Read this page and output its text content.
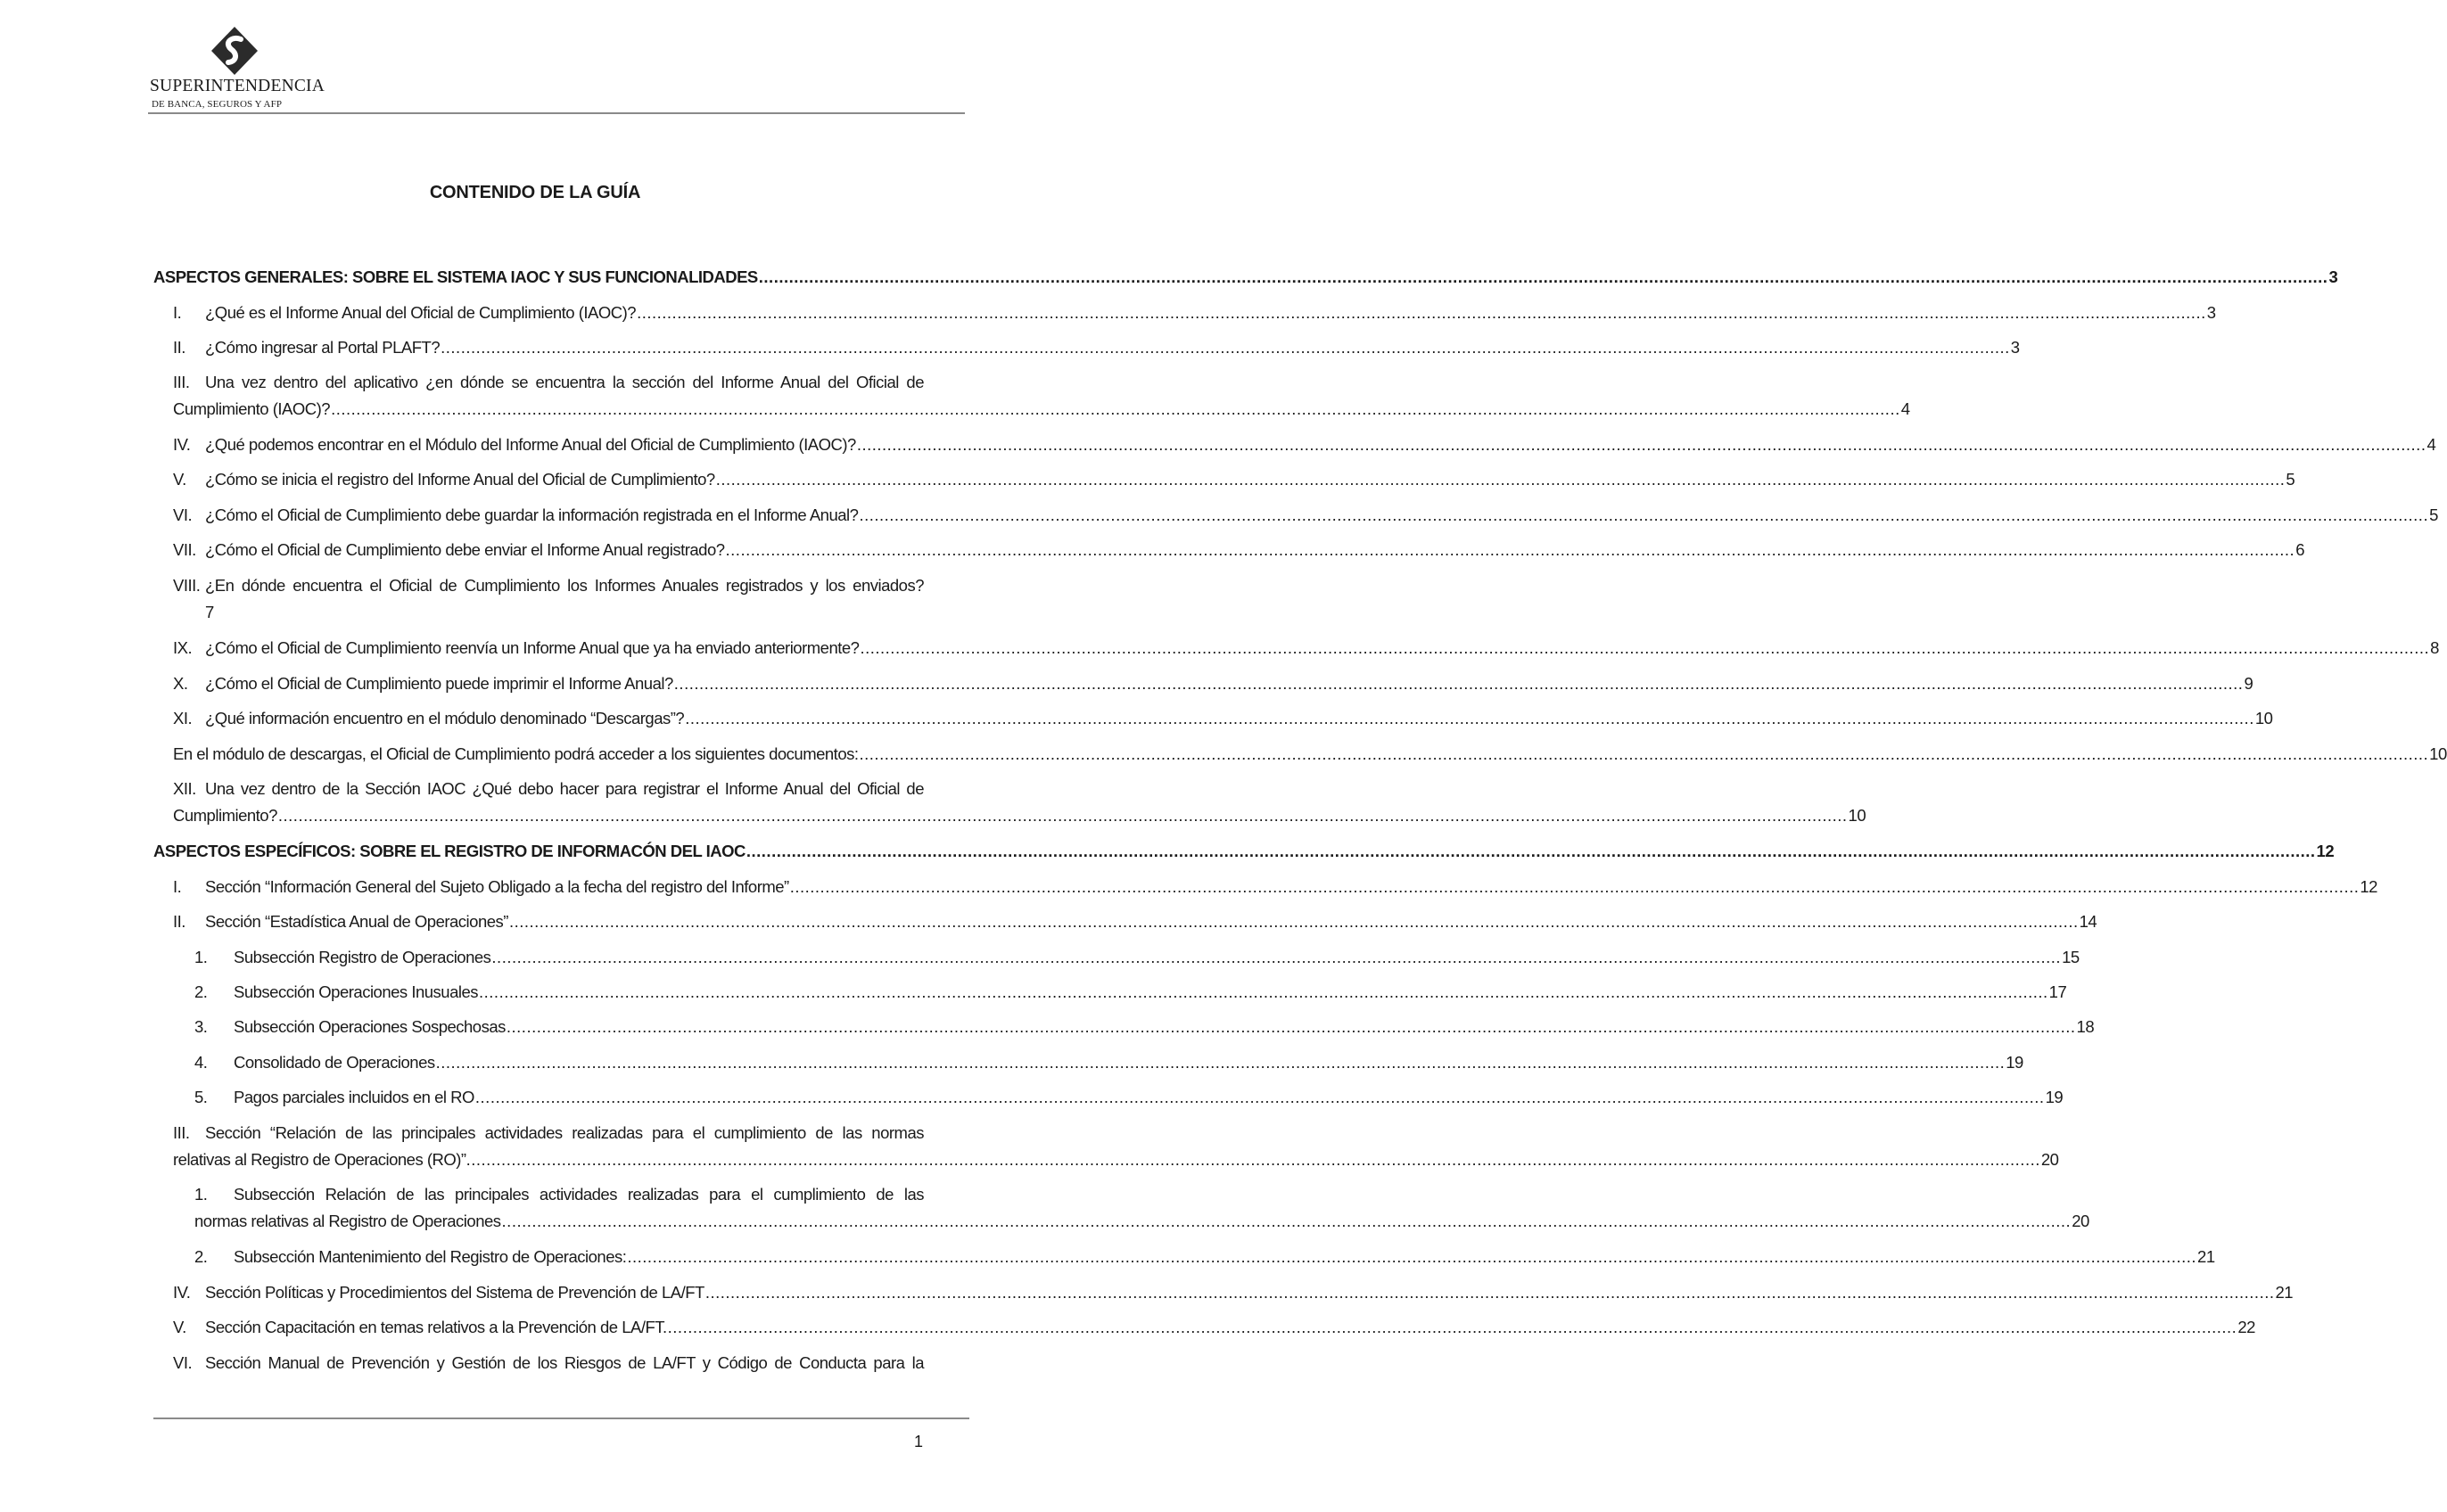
SUPERINTENDENCIA
DE BANCA, SEGUROS Y AFP
CONTENIDO DE LA GUÍA
ASPECTOS GENERALES: SOBRE EL SISTEMA IAOC Y SUS FUNCIONALIDADES .....	3
I.	¿Qué es el Informe Anual del Oficial de Cumplimiento (IAOC)? .....	3
II.	¿Cómo ingresar al Portal PLAFT? .....	3
III. Una vez dentro del aplicativo ¿en dónde se encuentra la sección del Informe Anual del Oficial de
Cumplimiento (IAOC)? .....	4
IV. ¿Qué podemos encontrar en el Módulo del Informe Anual del Oficial de Cumplimiento (IAOC)? .....	4
V.	¿Cómo se inicia el registro del Informe Anual del Oficial de Cumplimiento? .....	5
VI. ¿Cómo el Oficial de Cumplimiento debe guardar la información registrada en el Informe Anual? .....	5
VII. ¿Cómo el Oficial de Cumplimiento debe enviar el Informe Anual registrado? .....	6
VIII. ¿En dónde encuentra el Oficial de Cumplimiento los Informes Anuales registrados y los enviados?
7
IX. ¿Cómo el Oficial de Cumplimiento reenvía un Informe Anual que ya ha enviado anteriormente? .....	8
X.	¿Cómo el Oficial de Cumplimiento puede imprimir el Informe Anual? .....	9
XI. ¿Qué información encuentro en el módulo denominado “Descargas”? .....	10
En el módulo de descargas, el Oficial de Cumplimiento podrá acceder a los siguientes documentos: .....	10
XII. Una vez dentro de la Sección IAOC ¿Qué debo hacer para registrar el Informe Anual del Oficial de
Cumplimiento? .....	10
ASPECTOS ESPECÍFICOS: SOBRE EL REGISTRO DE INFORMACÓN DEL IAOC .....	12
I.	Sección “Información General del Sujeto Obligado a la fecha del registro del Informe” .....	12
II.	Sección “Estadística Anual de Operaciones” .....	14
1.	Subsección Registro de Operaciones .....	15
2.	Subsección Operaciones Inusuales .....	17
3.	Subsección Operaciones Sospechosas .....	18
4.	Consolidado de Operaciones .....	19
5.	Pagos parciales incluidos en el RO .....	19
III. Sección “Relación de las principales actividades realizadas para el cumplimiento de las normas
relativas al Registro de Operaciones (RO)”. .....	20
1. Subsección Relación de las principales actividades realizadas para el cumplimiento de las
normas relativas al Registro de Operaciones .....	20
2.	Subsección Mantenimiento del Registro de Operaciones: .....	21
IV. Sección Políticas y Procedimientos del Sistema de Prevención de LA/FT .....	21
V.	Sección Capacitación en temas relativos a la Prevención de LA/FT. .....	22
VI. Sección Manual de Prevención y Gestión de los Riesgos de LA/FT y Código de Conducta para la
1
